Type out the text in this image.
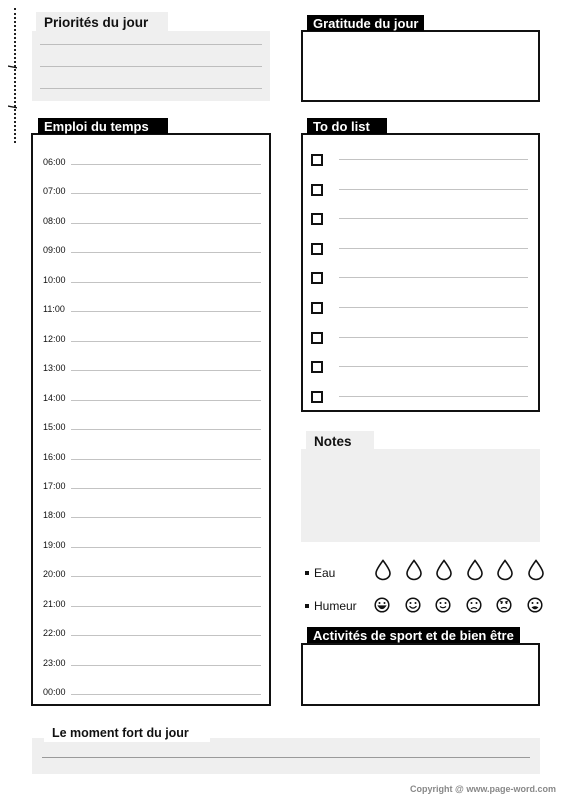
/
/
Priorités du jour	Gratitude du jour
06:00
07:00
08:00
09:00
10:00
11:00
12:00
13:00
14:00
15:00
16:00
17:00
18:00
19:00
20:00
21:00
22:00
23:00
00:00
Emploi du temps	To do list
Notes
Eau
Humeur
Activités de sport et de bien être
Le moment fort du jour
Copyright @ www.page-word.com
